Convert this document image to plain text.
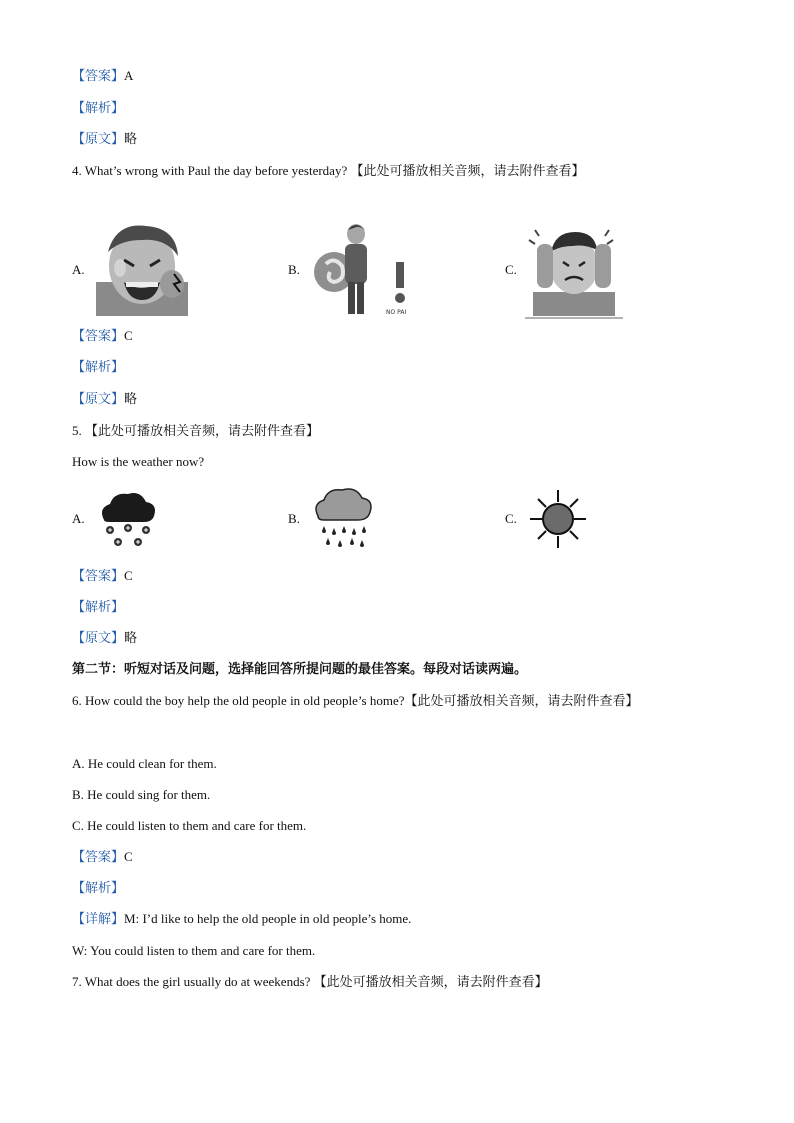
【答案】A
【解析】
【原文】略
4. What’s wrong with Paul the day before yesterday? 【此处可播放相关音频，请去附件查看】
A.	B.
NO PAI
C.
【答案】C
【解析】
【原文】略
5. 【此处可播放相关音频，请去附件查看】
How is the weather now?
A.	B.	C.
【答案】C
【解析】
【原文】略
第二节：听短对话及问题，选择能回答所提问题的最佳答案。每段对话读两遍。
6. How could the boy help the old people in old people’s home?【此处可播放相关音频，请去附件查看】
A. He could clean for them.
B. He could sing for them.
C. He could listen to them and care for them.
【答案】C
【解析】
【详解】M: I’d like to help the old people in old people’s home.
W: You could listen to them and care for them.
7. What does the girl usually do at weekends? 【此处可播放相关音频，请去附件查看】
